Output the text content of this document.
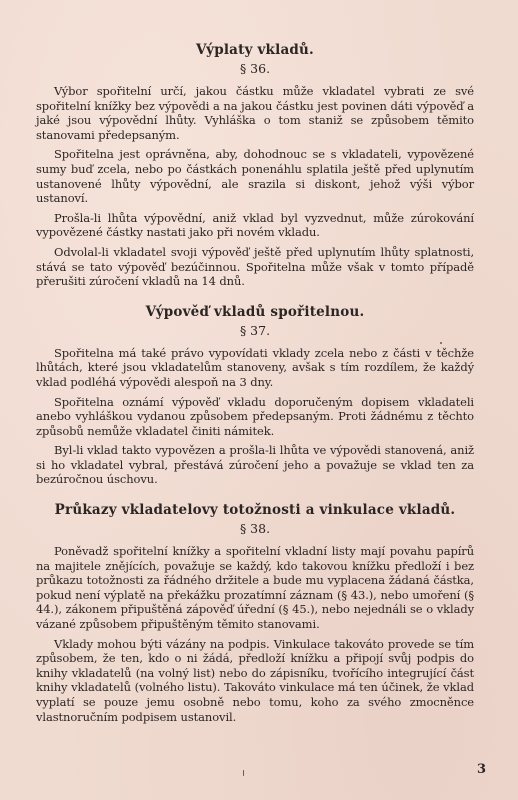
Výplaty vkladů.
§ 36.

Výbor spořitelní určí, jakou částku může vkladatel vybrati ze své spořitelní knížky bez výpovědi a na jakou částku jest povinen dáti výpověď a jaké jsou výpovědní lhůty. Vyhláška o tom staniž se způsobem těmito stanovami předepsaným.

Spořitelna jest oprávněna, aby, dohodnouc se s vkladateli, vypovězené sumy buď zcela, nebo po částkách ponenáhlu splatila ještě před uplynutím ustanovené lhůty výpovědní, ale srazila si diskont, jehož výši výbor ustanoví.

Prošla-li lhůta výpovědní, aniž vklad byl vyzvednut, může zúrokování vypovězené částky nastati jako při novém vkladu.

Odvolal-li vkladatel svoji výpověď ještě před uplynutím lhůty splatnosti, stává se tato výpověď bezúčinnou. Spořitelna může však v tomto případě přerušiti zúročení vkladů na 14 dnů.

Výpověď vkladů spořitelnou.
§ 37.

Spořitelna má také právo vypovídati vklady zcela nebo z části v těchže lhůtách, které jsou vkladatelům stanoveny, avšak s tím rozdílem, že každý vklad podléhá výpovědi alespoň na 3 dny.

Spořitelna oznámí výpověď vkladu doporučeným dopisem vkladateli anebo vyhláškou vydanou způsobem předepsaným. Proti žádnému z těchto způsobů nemůže vkladatel činiti námitek.

Byl-li vklad takto vypovězen a prošla-li lhůta ve výpovědi stanovená, aniž si ho vkladatel vybral, přestává zúročení jeho a považuje se vklad ten za bezúročnou úschovu.

Průkazy vkladatelovy totožnosti a vinkulace vkladů.
§ 38.

Poněvadž spořitelní knížky a spořitelní vkladní listy mají povahu papírů na majitele znějících, považuje se každý, kdo takovou knížku předloží i bez průkazu totožnosti za řádného držitele a bude mu vyplacena žádaná částka, pokud není výplatě na překážku prozatímní záznam (§ 43.), nebo umoření (§ 44.), zákonem připuštěná zápověď úřední (§ 45.), nebo nejednáli se o vklady vázané způsobem připuštěným těmito stanovami.

Vklady mohou býti vázány na podpis. Vinkulace takováto provede se tím způsobem, že ten, kdo o ni žádá, předloží knížku a připojí svůj podpis do knihy vkladatelů (na volný list) nebo do zápisníku, tvořícího integrující část knihy vkladatelů (volného listu). Takováto vinkulace má ten účinek, že vklad vyplatí se pouze jemu osobně nebo tomu, koho za svého zmocněnce vlastnoručním podpisem ustanovil.

3
